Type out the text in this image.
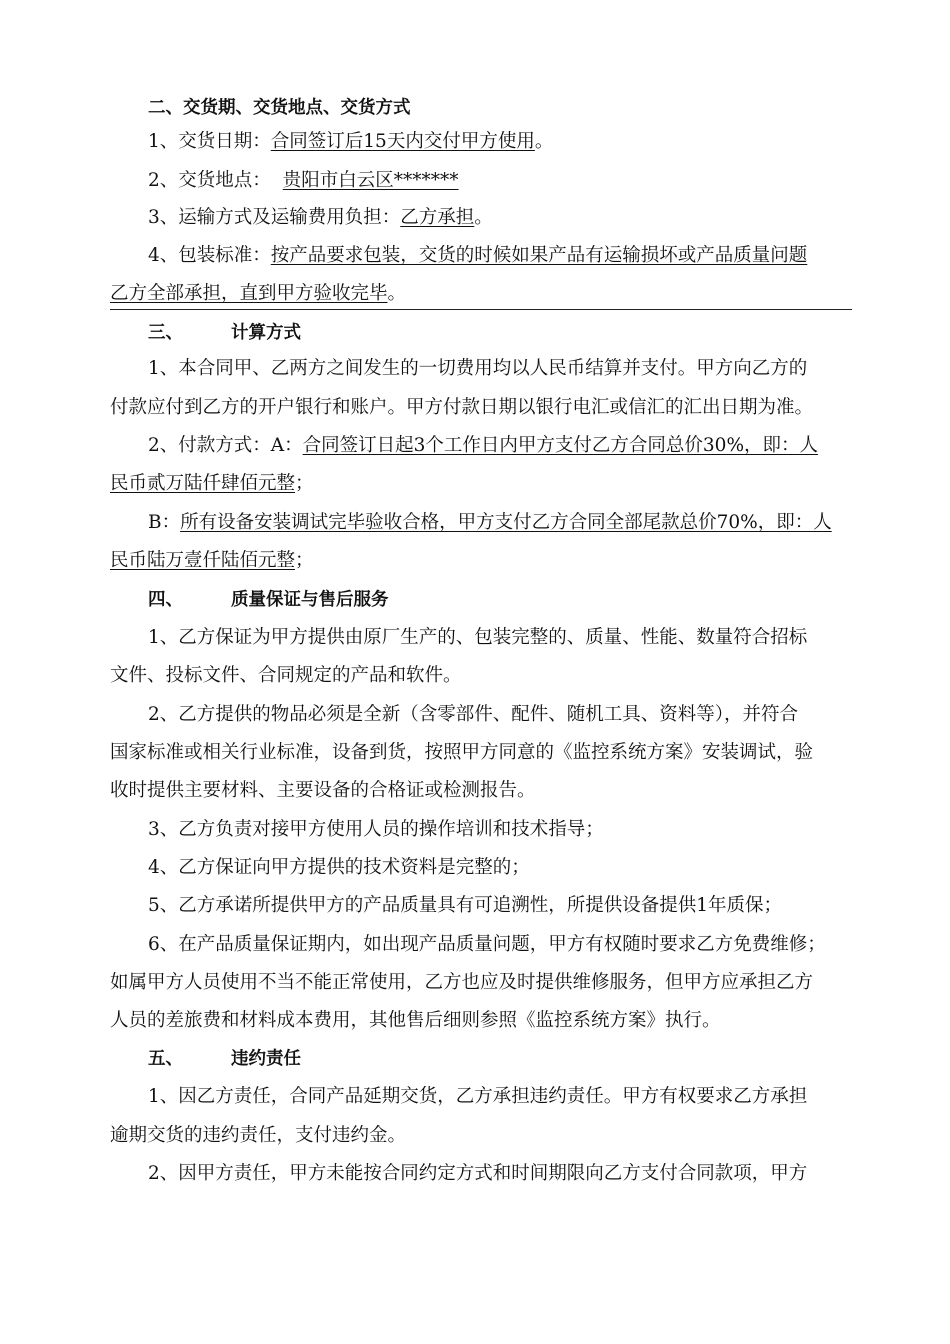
二、交货期、交货地点、交货方式
1、交货日期：合同签订后15天内交付甲方使用。
2、交货地点： 贵阳市白云区*******
3、运输方式及运输费用负担：乙方承担。
4、包装标准：按产品要求包装，交货的时候如果产品有运输损坏或产品质量问题
乙方全部承担，直到甲方验收完毕。
三、	计算方式
1、本合同甲、乙两方之间发生的一切费用均以人民币结算并支付。甲方向乙方的
付款应付到乙方的开户银行和账户。甲方付款日期以银行电汇或信汇的汇出日期为准。
2、付款方式：A：合同签订日起3个工作日内甲方支付乙方合同总价30%，即：人
民币贰万陆仟肆佰元整；
B：所有设备安装调试完毕验收合格，甲方支付乙方合同全部尾款总价70%，即：人
民币陆万壹仟陆佰元整；
四、	质量保证与售后服务
1、乙方保证为甲方提供由原厂生产的、包装完整的、质量、性能、数量符合招标
文件、投标文件、合同规定的产品和软件。
2、乙方提供的物品必须是全新（含零部件、配件、随机工具、资料等），并符合
国家标准或相关行业标准，设备到货，按照甲方同意的《监控系统方案》安装调试，验
收时提供主要材料、主要设备的合格证或检测报告。
3、乙方负责对接甲方使用人员的操作培训和技术指导；
4、乙方保证向甲方提供的技术资料是完整的；
5、乙方承诺所提供甲方的产品质量具有可追溯性，所提供设备提供1年质保；
6、在产品质量保证期内，如出现产品质量问题，甲方有权随时要求乙方免费维修；
如属甲方人员使用不当不能正常使用，乙方也应及时提供维修服务，但甲方应承担乙方
人员的差旅费和材料成本费用，其他售后细则参照《监控系统方案》执行。
五、	违约责任
1、因乙方责任，合同产品延期交货，乙方承担违约责任。甲方有权要求乙方承担
逾期交货的违约责任，支付违约金。
2、因甲方责任，甲方未能按合同约定方式和时间期限向乙方支付合同款项，甲方
